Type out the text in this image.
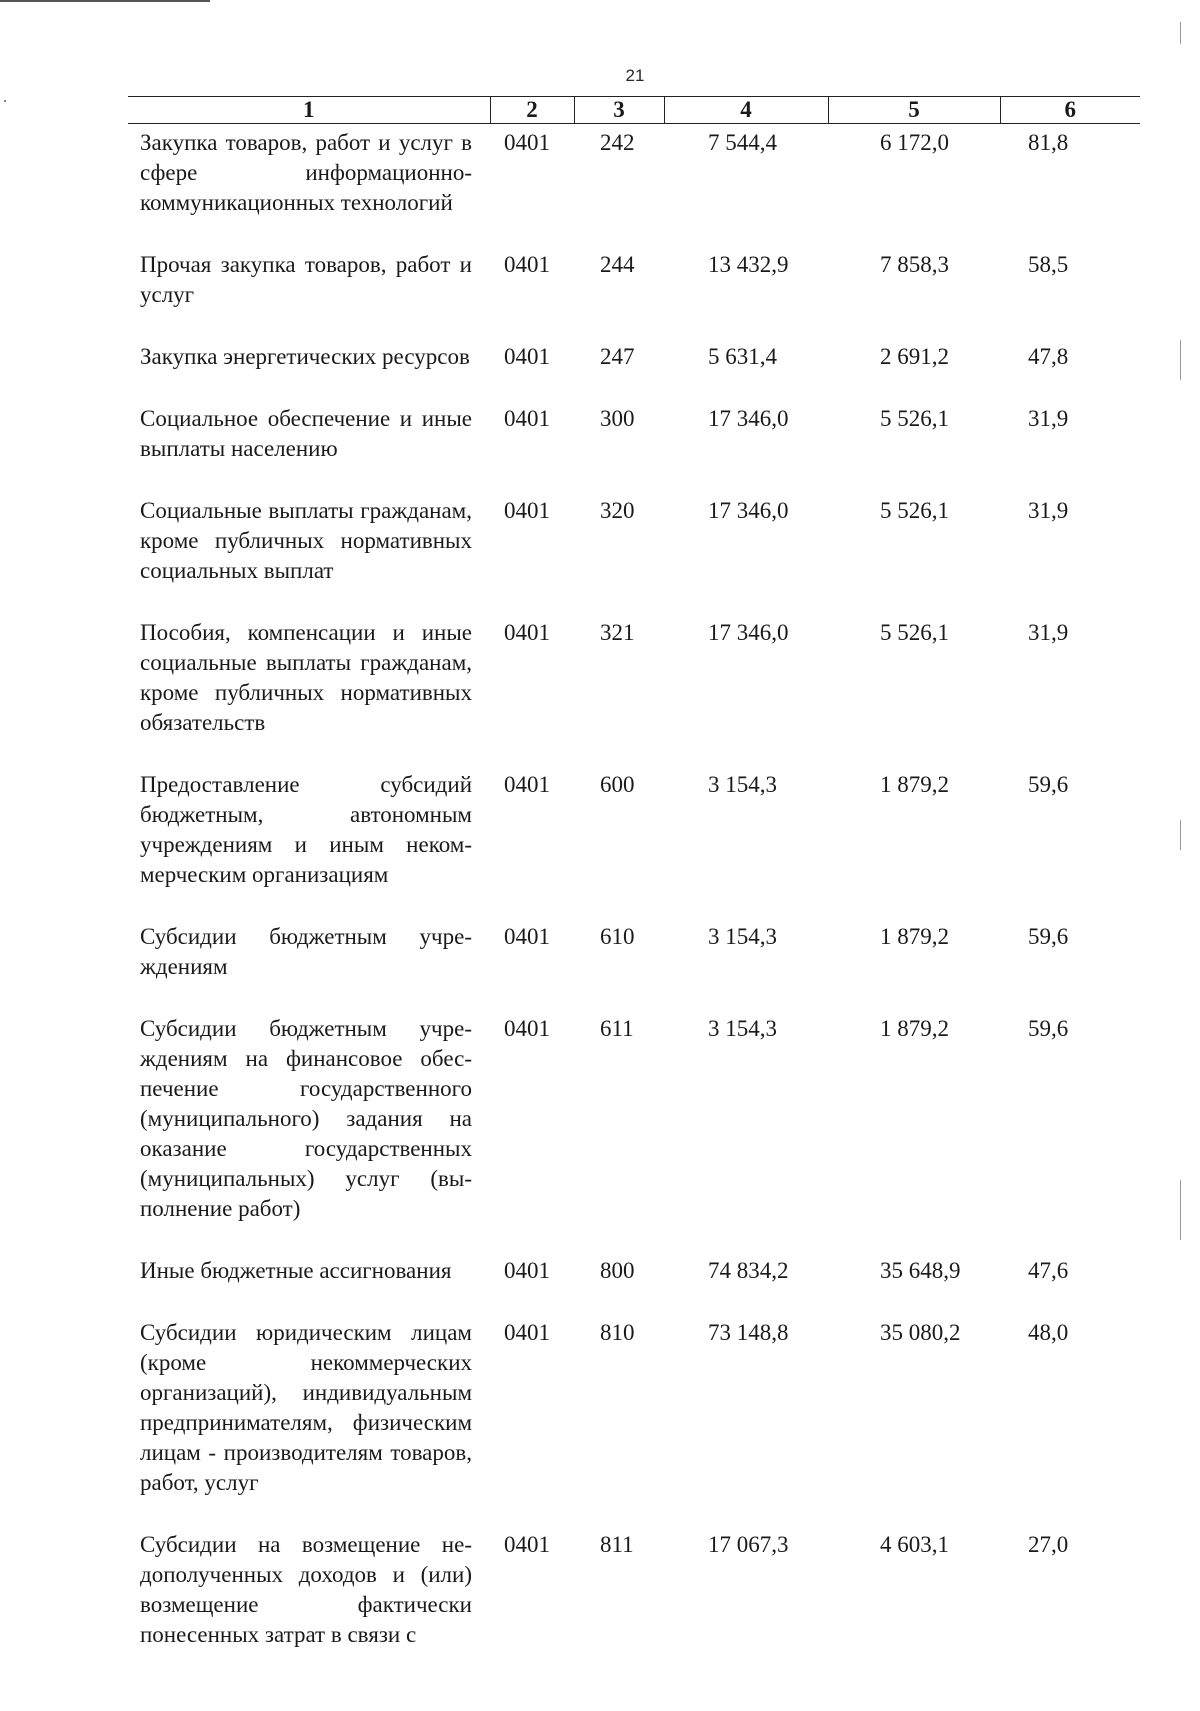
21
1	2	3	4	5	6
Закупка товаров, работ и услуг в сфере информационно-коммуникационных технологий	0401	242	7 544,4	6 172,0	81,8
Прочая закупка товаров, работ и услуг	0401	244	13 432,9	7 858,3	58,5
Закупка энергетических ресурсов	0401	247	5 631,4	2 691,2	47,8
Социальное обеспечение и иные выплаты населению	0401	300	17 346,0	5 526,1	31,9
Социальные выплаты гражданам, кроме публичных нормативных социальных выплат	0401	320	17 346,0	5 526,1	31,9
Пособия, компенсации и иные социальные выплаты гражданам, кроме публичных нормативных обязательств	0401	321	17 346,0	5 526,1	31,9
Предоставление субсидий бюджетным, автономным учреждениям и иным некоммерческим организациям	0401	600	3 154,3	1 879,2	59,6
Субсидии бюджетным учреждениям	0401	610	3 154,3	1 879,2	59,6
Субсидии бюджетным учреждениям на финансовое обеспечение государственного (муниципального) задания на оказание государственных (муниципальных) услуг (выполнение работ)	0401	611	3 154,3	1 879,2	59,6
Иные бюджетные ассигнования	0401	800	74 834,2	35 648,9	47,6
Субсидии юридическим лицам (кроме некоммерческих организаций), индивидуальным предпринимателям, физическим лицам - производителям товаров, работ, услуг	0401	810	73 148,8	35 080,2	48,0
Субсидии на возмещение недополученных доходов и (или) возмещение фактически понесенных затрат в связи с	0401	811	17 067,3	4 603,1	27,0
